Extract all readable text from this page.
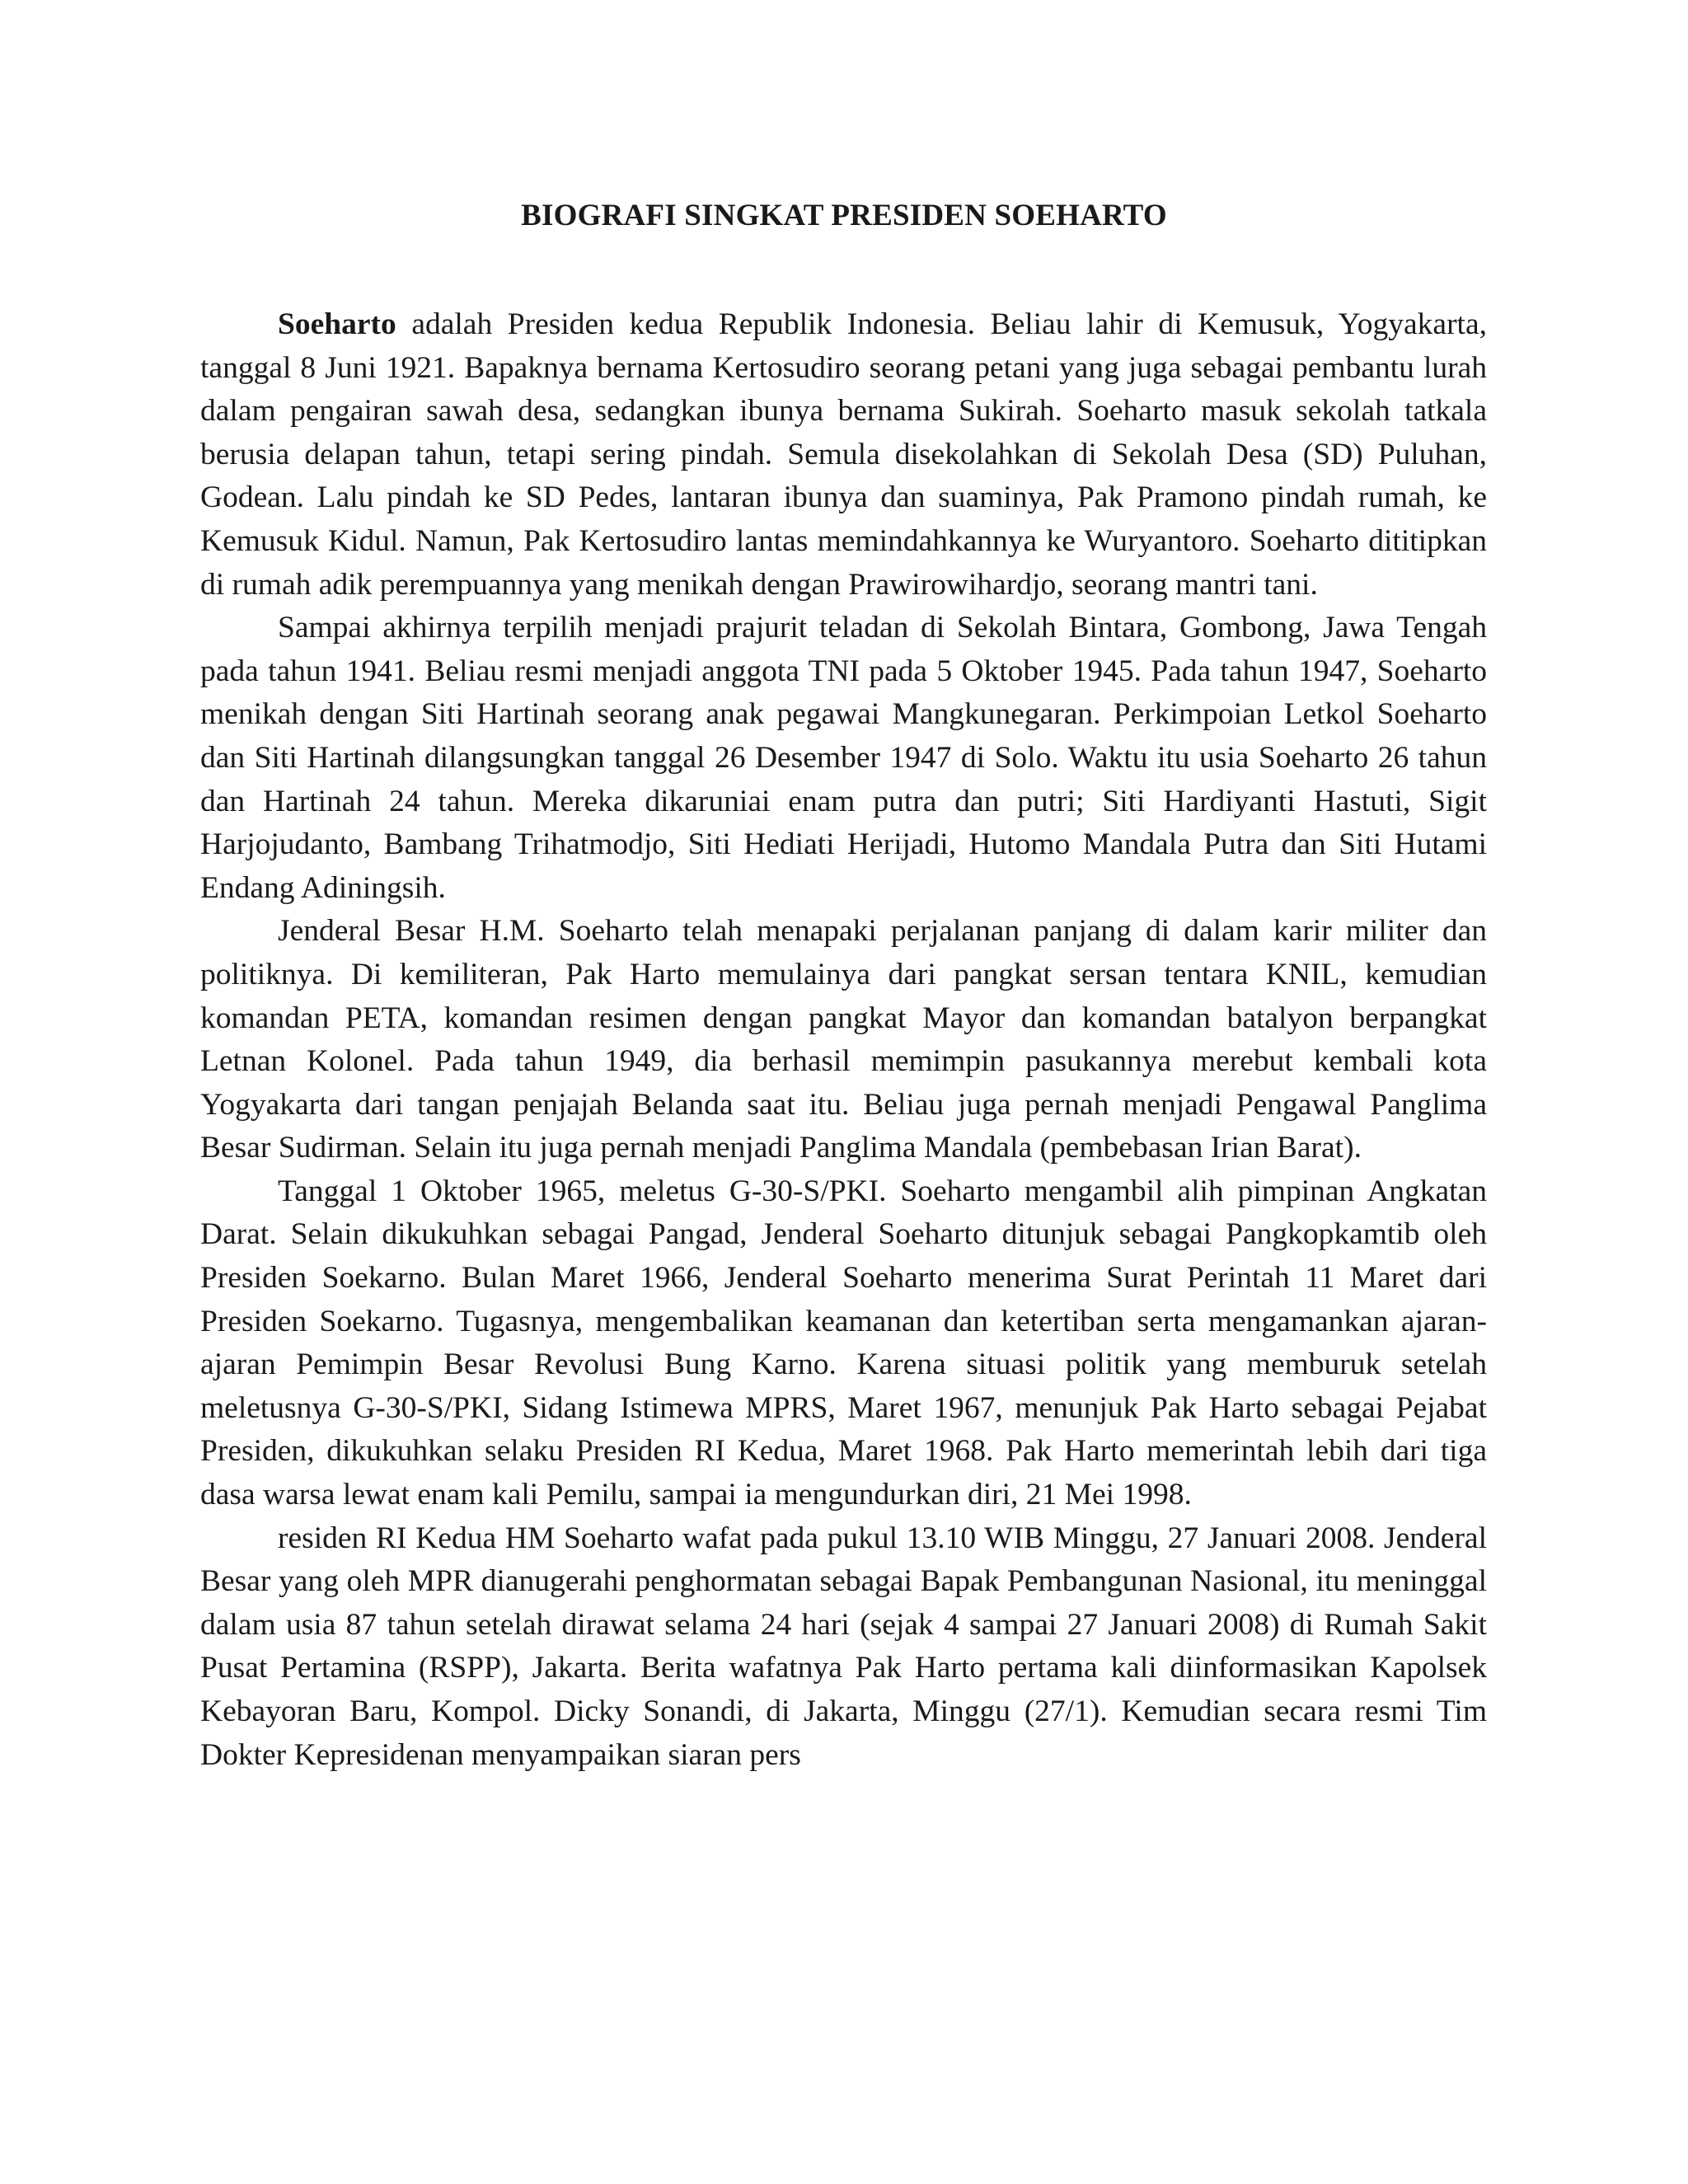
BIOGRAFI SINGKAT PRESIDEN SOEHARTO

Soeharto adalah Presiden kedua Republik Indonesia. Beliau lahir di Kemusuk, Yogyakarta, tanggal 8 Juni 1921. Bapaknya bernama Kertosudiro seorang petani yang juga sebagai pembantu lurah dalam pengairan sawah desa, sedangkan ibunya bernama Sukirah. Soeharto masuk sekolah tatkala berusia delapan tahun, tetapi sering pindah. Semula disekolahkan di Sekolah Desa (SD) Puluhan, Godean. Lalu pindah ke SD Pedes, lantaran ibunya dan suaminya, Pak Pramono pindah rumah, ke Kemusuk Kidul. Namun, Pak Kertosudiro lantas memindahkannya ke Wuryantoro. Soeharto dititipkan di rumah adik perempuannya yang menikah dengan Prawirowihardjo, seorang mantri tani.

Sampai akhirnya terpilih menjadi prajurit teladan di Sekolah Bintara, Gombong, Jawa Tengah pada tahun 1941. Beliau resmi menjadi anggota TNI pada 5 Oktober 1945. Pada tahun 1947, Soeharto menikah dengan Siti Hartinah seorang anak pegawai Mangkunegaran. Perkimpoian Letkol Soeharto dan Siti Hartinah dilangsungkan tanggal 26 Desember 1947 di Solo. Waktu itu usia Soeharto 26 tahun dan Hartinah 24 tahun. Mereka dikaruniai enam putra dan putri; Siti Hardiyanti Hastuti, Sigit Harjojudanto, Bambang Trihatmodjo, Siti Hediati Herijadi, Hutomo Mandala Putra dan Siti Hutami Endang Adiningsih.

Jenderal Besar H.M. Soeharto telah menapaki perjalanan panjang di dalam karir militer dan politiknya. Di kemiliteran, Pak Harto memulainya dari pangkat sersan tentara KNIL, kemudian komandan PETA, komandan resimen dengan pangkat Mayor dan komandan batalyon berpangkat Letnan Kolonel. Pada tahun 1949, dia berhasil memimpin pasukannya merebut kembali kota Yogyakarta dari tangan penjajah Belanda saat itu. Beliau juga pernah menjadi Pengawal Panglima Besar Sudirman. Selain itu juga pernah menjadi Panglima Mandala (pembebasan Irian Barat).

Tanggal 1 Oktober 1965, meletus G-30-S/PKI. Soeharto mengambil alih pimpinan Angkatan Darat. Selain dikukuhkan sebagai Pangad, Jenderal Soeharto ditunjuk sebagai Pangkopkamtib oleh Presiden Soekarno. Bulan Maret 1966, Jenderal Soeharto menerima Surat Perintah 11 Maret dari Presiden Soekarno. Tugasnya, mengembalikan keamanan dan ketertiban serta mengamankan ajaran-ajaran Pemimpin Besar Revolusi Bung Karno. Karena situasi politik yang memburuk setelah meletusnya G-30-S/PKI, Sidang Istimewa MPRS, Maret 1967, menunjuk Pak Harto sebagai Pejabat Presiden, dikukuhkan selaku Presiden RI Kedua, Maret 1968. Pak Harto memerintah lebih dari tiga dasa warsa lewat enam kali Pemilu, sampai ia mengundurkan diri, 21 Mei 1998.

residen RI Kedua HM Soeharto wafat pada pukul 13.10 WIB Minggu, 27 Januari 2008. Jenderal Besar yang oleh MPR dianugerahi penghormatan sebagai Bapak Pembangunan Nasional, itu meninggal dalam usia 87 tahun setelah dirawat selama 24 hari (sejak 4 sampai 27 Januari 2008) di Rumah Sakit Pusat Pertamina (RSPP), Jakarta. Berita wafatnya Pak Harto pertama kali diinformasikan Kapolsek Kebayoran Baru, Kompol. Dicky Sonandi, di Jakarta, Minggu (27/1). Kemudian secara resmi Tim Dokter Kepresidenan menyampaikan siaran pers
